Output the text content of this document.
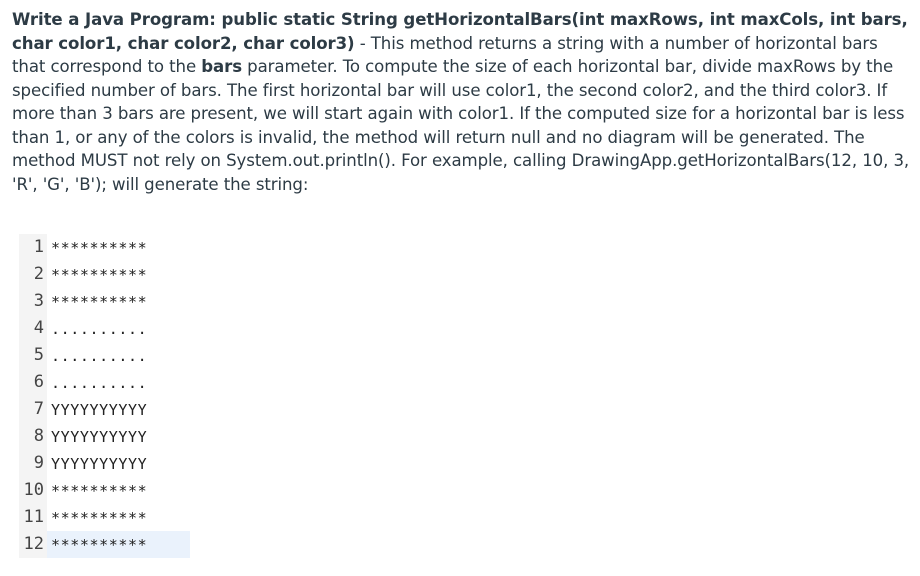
Write a Java Program: public static String getHorizontalBars(int maxRows, int maxCols, int bars, char color1, char color2, char color3) - This method returns a string with a number of horizontal bars that correspond to the bars parameter. To compute the size of each horizontal bar, divide maxRows by the specified number of bars. The first horizontal bar will use color1, the second color2, and the third color3. If more than 3 bars are present, we will start again with color1. If the computed size for a horizontal bar is less than 1, or any of the colors is invalid, the method will return null and no diagram will be generated. The method MUST not rely on System.out.println(). For example, calling DrawingApp.getHorizontalBars(12, 10, 3, 'R', 'G', 'B'); will generate the string:
1 **********
2 **********
3 **********
4 ..........
5 ..........
6 ..........
7 YYYYYYYYYY
8 YYYYYYYYYY
9 YYYYYYYYYY
10 **********
11 **********
12 **********
